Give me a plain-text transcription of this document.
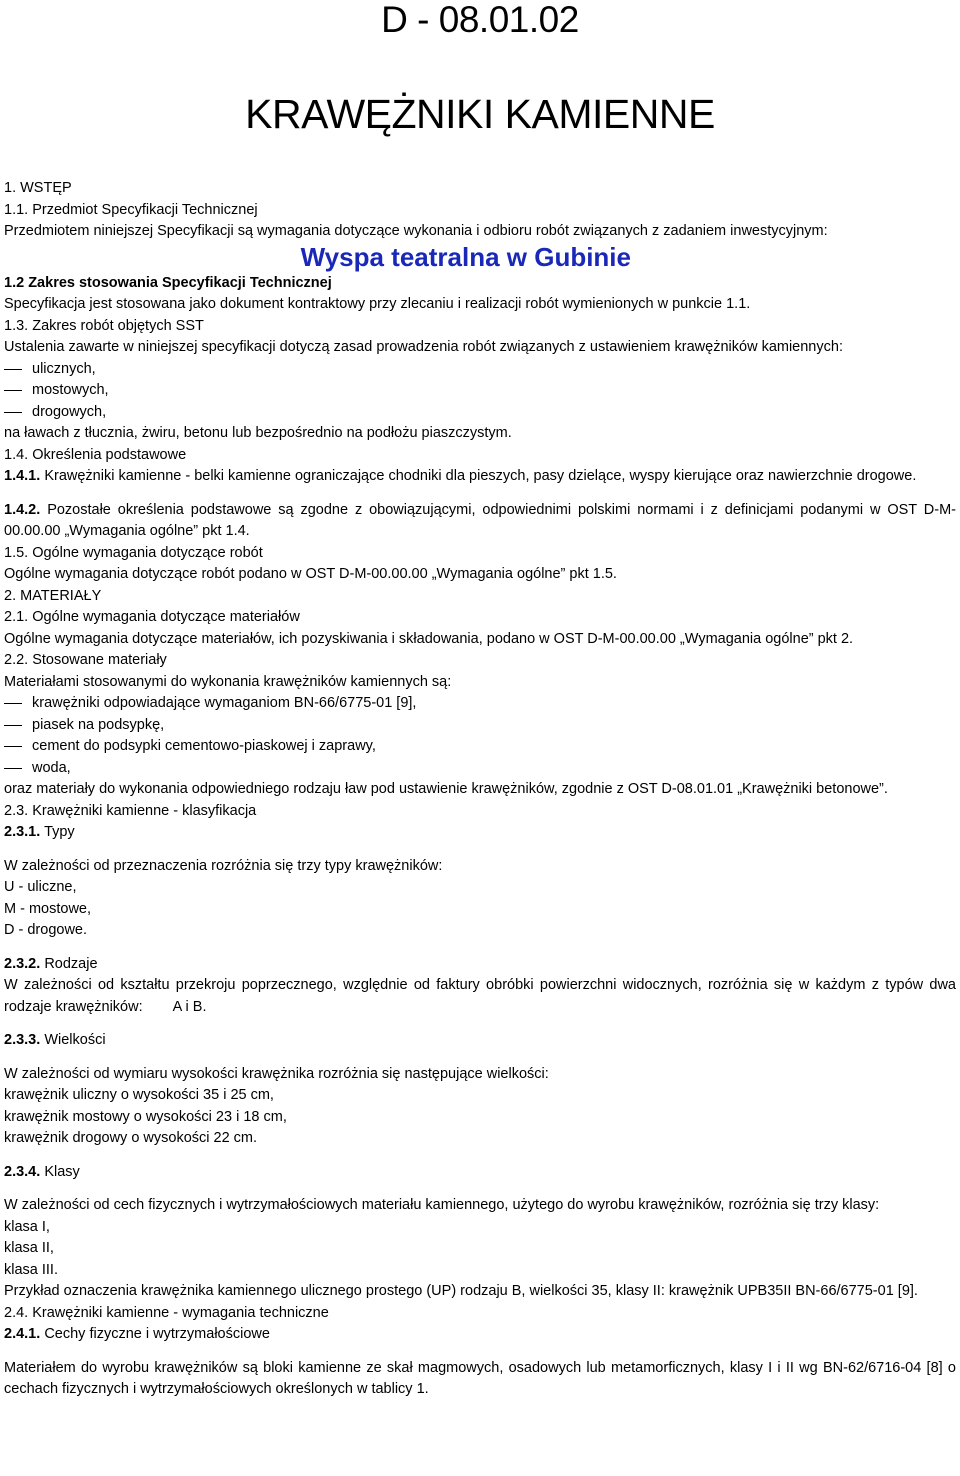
D - 08.01.02
KRAWĘŻNIKI KAMIENNE
1. WSTĘP
1.1. Przedmiot Specyfikacji Technicznej
Przedmiotem niniejszej Specyfikacji są wymagania dotyczące wykonania i odbioru robót związanych z zadaniem inwestycyjnym:
Wyspa teatralna w Gubinie
1.2 Zakres stosowania Specyfikacji Technicznej
Specyfikacja jest stosowana jako dokument kontraktowy przy zlecaniu i realizacji robót wymienionych w punkcie 1.1.
1.3. Zakres robót objętych SST
Ustalenia zawarte w niniejszej specyfikacji dotyczą zasad prowadzenia robót związanych z ustawieniem krawężników kamiennych:
ulicznych,
mostowych,
drogowych,
na ławach z tłucznia, żwiru, betonu lub bezpośrednio na podłożu piaszczystym.
1.4. Określenia podstawowe
1.4.1. Krawężniki kamienne - belki kamienne ograniczające chodniki dla pieszych, pasy dzielące, wyspy kierujące oraz nawierzchnie drogowe.
1.4.2. Pozostałe określenia podstawowe są zgodne z obowiązującymi, odpowiednimi polskimi normami i z definicjami podanymi w OST D-M-00.00.00 „Wymagania ogólne” pkt 1.4.
1.5. Ogólne wymagania dotyczące robót
Ogólne wymagania dotyczące robót podano w OST D-M-00.00.00 „Wymagania ogólne” pkt 1.5.
2. MATERIAŁY
2.1. Ogólne wymagania dotyczące materiałów
Ogólne wymagania dotyczące materiałów, ich pozyskiwania i składowania, podano w OST D-M-00.00.00 „Wymagania ogólne” pkt 2.
2.2. Stosowane materiały
Materiałami stosowanymi do wykonania krawężników kamiennych są:
krawężniki odpowiadające wymaganiom BN-66/6775-01 [9],
piasek na podsypkę,
cement do podsypki cementowo-piaskowej i zaprawy,
woda,
oraz materiały do wykonania odpowiedniego rodzaju ław pod ustawienie krawężników, zgodnie z OST D-08.01.01 „Krawężniki betonowe”.
2.3. Krawężniki kamienne - klasyfikacja
2.3.1. Typy
W zależności od przeznaczenia rozróżnia się trzy typy krawężników:
U - uliczne,
M - mostowe,
D - drogowe.
2.3.2. Rodzaje
W zależności od kształtu przekroju poprzecznego, względnie od faktury obróbki powierzchni widocznych, rozróżnia się w każdym z typów dwa rodzaje krawężników: A i B.
2.3.3. Wielkości
W zależności od wymiaru wysokości krawężnika rozróżnia się następujące wielkości:
krawężnik uliczny o wysokości 35 i 25 cm,
krawężnik mostowy o wysokości 23 i 18 cm,
krawężnik drogowy o wysokości 22 cm.
2.3.4. Klasy
W zależności od cech fizycznych i wytrzymałościowych materiału kamiennego, użytego do wyrobu krawężników, rozróżnia się trzy klasy:
klasa I,
klasa II,
klasa III.
Przykład oznaczenia krawężnika kamiennego ulicznego prostego (UP) rodzaju B, wielkości 35, klasy II: krawężnik UPB35II BN-66/6775-01 [9].
2.4. Krawężniki kamienne - wymagania techniczne
2.4.1. Cechy fizyczne i wytrzymałościowe
Materiałem do wyrobu krawężników są bloki kamienne ze skał magmowych, osadowych lub metamorficznych, klasy I i II wg BN-62/6716-04 [8] o cechach fizycznych i wytrzymałościowych określonych w tablicy 1.
